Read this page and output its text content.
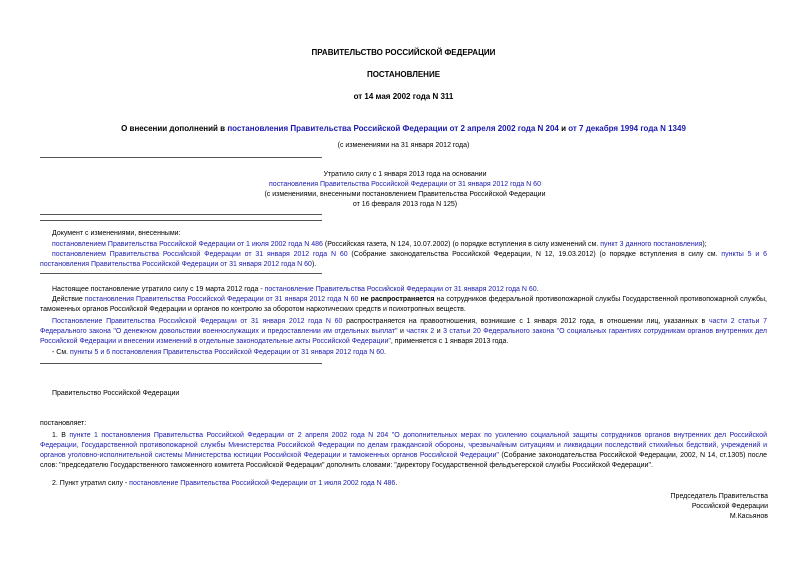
ПРАВИТЕЛЬСТВО РОССИЙСКОЙ ФЕДЕРАЦИИ
ПОСТАНОВЛЕНИЕ
от 14 мая 2002 года N 311
О внесении дополнений в постановления Правительства Российской Федерации от 2 апреля 2002 года N 204 и от 7 декабря 1994 года N 1349
(с изменениями на 31 января 2012 года)
Утратило силу с 1 января 2013 года на основании
постановления Правительства Российской Федерации от 31 января 2012 года N 60
(с изменениями, внесенными постановлением Правительства Российской Федерации
от 16 февраля 2013 года N 125)
Документ с изменениями, внесенными:
постановлением Правительства Российской Федерации от 1 июля 2002 года N 486 (Российская газета, N 124, 10.07.2002) (о порядке вступления в силу изменений см. пункт 3 данного постановления);
постановлением Правительства Российской Федерации от 31 января 2012 года N 60 (Собрание законодательства Российской Федерации, N 12, 19.03.2012) (о порядке вступления в силу см. пункты 5 и 6 постановления Правительства Российской Федерации от 31 января 2012 года N 60).
Настоящее постановление утратило силу с 19 марта 2012 года - постановление Правительства Российской Федерации от 31 января 2012 года N 60.
Действие постановления Правительства Российской Федерации от 31 января 2012 года N 60 не распространяется на сотрудников федеральной противопожарной службы Государственной противопожарной службы, таможенных органов Российской Федерации и органов по контролю за оборотом наркотических средств и психотропных веществ.
Постановление Правительства Российской Федерации от 31 января 2012 года N 60 распространяется на правоотношения, возникшие с 1 января 2012 года, в отношении лиц, указанных в части 2 статьи 7 Федерального закона "О денежном довольствии военнослужащих и предоставлении им отдельных выплат" и частях 2 и 3 статьи 20 Федерального закона "О социальных гарантиях сотрудникам органов внутренних дел Российской Федерации и внесении изменений в отдельные законодательные акты Российской Федерации", применяется с 1 января 2013 года.
- См. пункты 5 и 6 постановления Правительства Российской Федерации от 31 января 2012 года N 60.
Правительство Российской Федерации
постановляет:
1. В пункте 1 постановления Правительства Российской Федерации от 2 апреля 2002 года N 204 "О дополнительных мерах по усилению социальной защиты сотрудников органов внутренних дел Российской Федерации, Государственной противопожарной службы Министерства Российской Федерации по делам гражданской обороны, чрезвычайным ситуациям и ликвидации последствий стихийных бедствий, учреждений и органов уголовно-исполнительной системы Министерства юстиции Российской Федерации и таможенных органов Российской Федерации" (Собрание законодательства Российской Федерации, 2002, N 14, ст.1305) после слов: "председателю Государственного таможенного комитета Российской Федерации" дополнить словами: "директору Государственной фельдъегерской службы Российской Федерации".
2. Пункт утратил силу - постановление Правительства Российской Федерации от 1 июля 2002 года N 486.
Председатель Правительства
Российской Федерации
М.Касьянов
